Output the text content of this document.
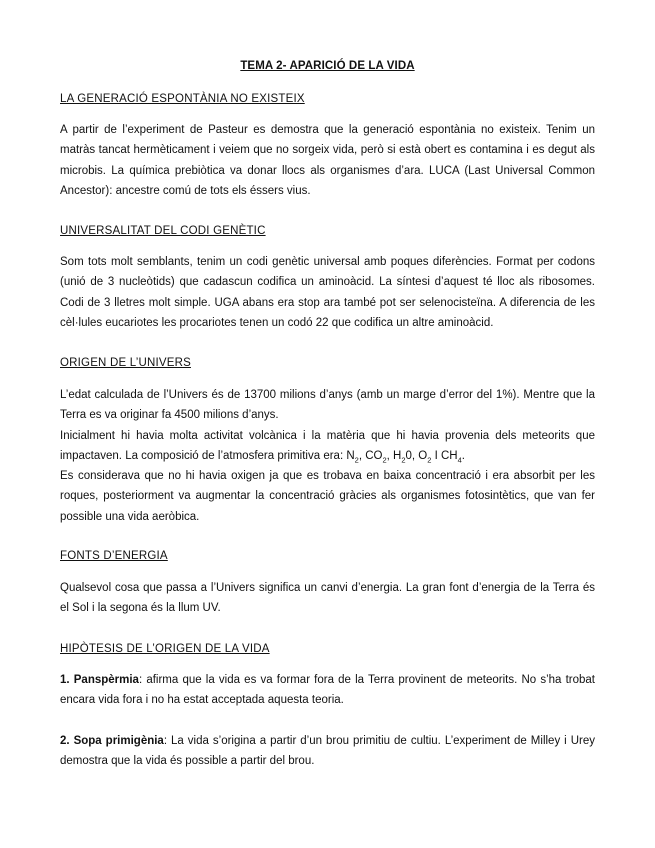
TEMA 2- APARICIÓ DE LA VIDA
LA GENERACIÓ ESPONTÀNIA NO EXISTEIX

A partir de l’experiment de Pasteur es demostra que la generació espontània no existeix. Tenim un matràs tancat hermèticament i veiem que no sorgeix vida, però si està obert es contamina i es degut als microbis. La química prebiòtica va donar llocs als organismes d’ara. LUCA (Last Universal Common Ancestor): ancestre comú de tots els éssers vius.

UNIVERSALITAT DEL CODI GENÈTIC

Som tots molt semblants, tenim un codi genètic universal amb poques diferències. Format per codons (unió de 3 nucleòtids) que cadascun codifica un aminoàcid. La síntesi d’aquest té lloc als ribosomes. Codi de 3 lletres molt simple. UGA abans era stop ara també pot ser selenocisteïna. A diferencia de les cèl·lules eucariotes les procariotes tenen un codó 22 que codifica un altre aminoàcid.

ORIGEN DE L’UNIVERS

L’edat calculada de l’Univers és de 13700 milions d’anys (amb un marge d’error del 1%). Mentre que la Terra es va originar fa 4500 milions d’anys.

Inicialment hi havia molta activitat volcànica i la matèria que hi havia provenia dels meteorits que impactaven. La composició de l’atmosfera primitiva era: $N_2$, $CO_2$, $H_20$, $O_2$ I $CH_4$.

Es considerava que no hi havia oxigen ja que es trobava en baixa concentració i era absorbit per les roques, posteriorment va augmentar la concentració gràcies als organismes fotosintètics, que van fer possible una vida aeròbica.

FONTS D’ENERGIA

Qualsevol cosa que passa a l’Univers significa un canvi d’energia. La gran font d’energia de la Terra és el Sol i la segona és la llum UV.

HIPÒTESIS DE L’ORIGEN DE LA VIDA

1. Panspèrmia: afirma que la vida es va formar fora de la Terra provinent de meteorits. No s’ha trobat encara vida fora i no ha estat acceptada aquesta teoria.

2. Sopa primigènia: La vida s’origina a partir d’un brou primitiu de cultiu. L’experiment de Milley i Urey demostra que la vida és possible a partir del brou.
